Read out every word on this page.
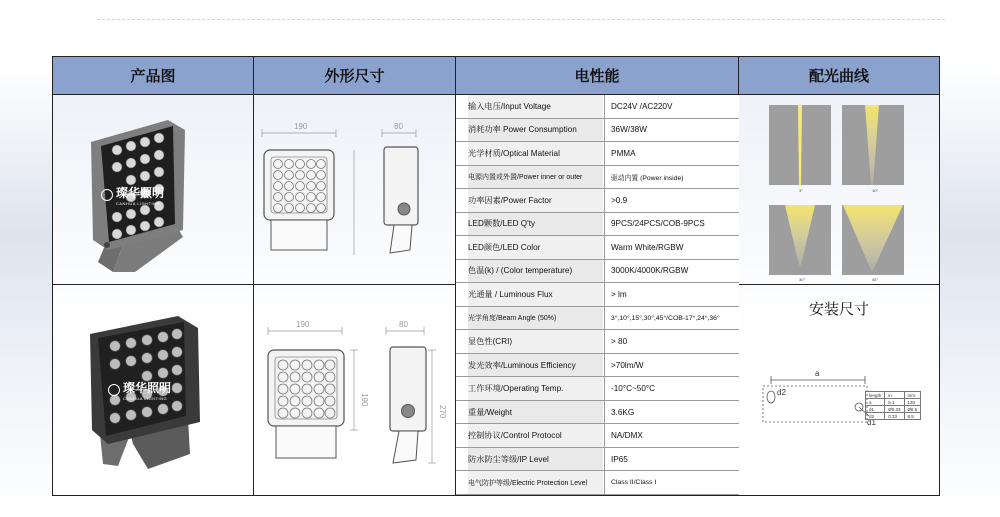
产品图	外形尺寸	电性能	配光曲线
璨华照明
CANHUA LIGHTING
璨华照明
CANHUA LIGHTING
190	80
190	80
190
270
输入电压/Input Voltage	DC24V /AC220V
消耗功率 Power Consumption	36W/38W
光学材质/Optical Material	PMMA
电源内置或外置/Power inner or outer	驱动内置 (Power inside)
功率因素/Power Factor	>0.9
LED颗数/LED Q'ty	9PCS/24PCS/COB-9PCS
LED颜色/LED Color	Warm White/RGBW
色温(k) / (Color temperature)	3000K/4000K/RGBW
光通量 / Luminous Flux	> lm
光学角度/Beam Angle (50%)	3°,10°,15°,30°,45°/COB-17°,24°,36°
显色性(CRI)	> 80
发光效率/Luminous Efficiency	>70lm/W
工作环境/Operating Temp.	-10°C~50°C
重量/Weight	3.6KG
控制协议/Control Protocol	NA/DMX
防水防尘等级/IP Level	IP65
电气防护等级/Electric Protection Level	Class II/Class I
3°	10°
30°	45°
安装尺寸
a
d2
d1
length	in.	mm.
a	5.1	130
d1	Ø0.33	Ø8.5
d2	0.33	8.5
